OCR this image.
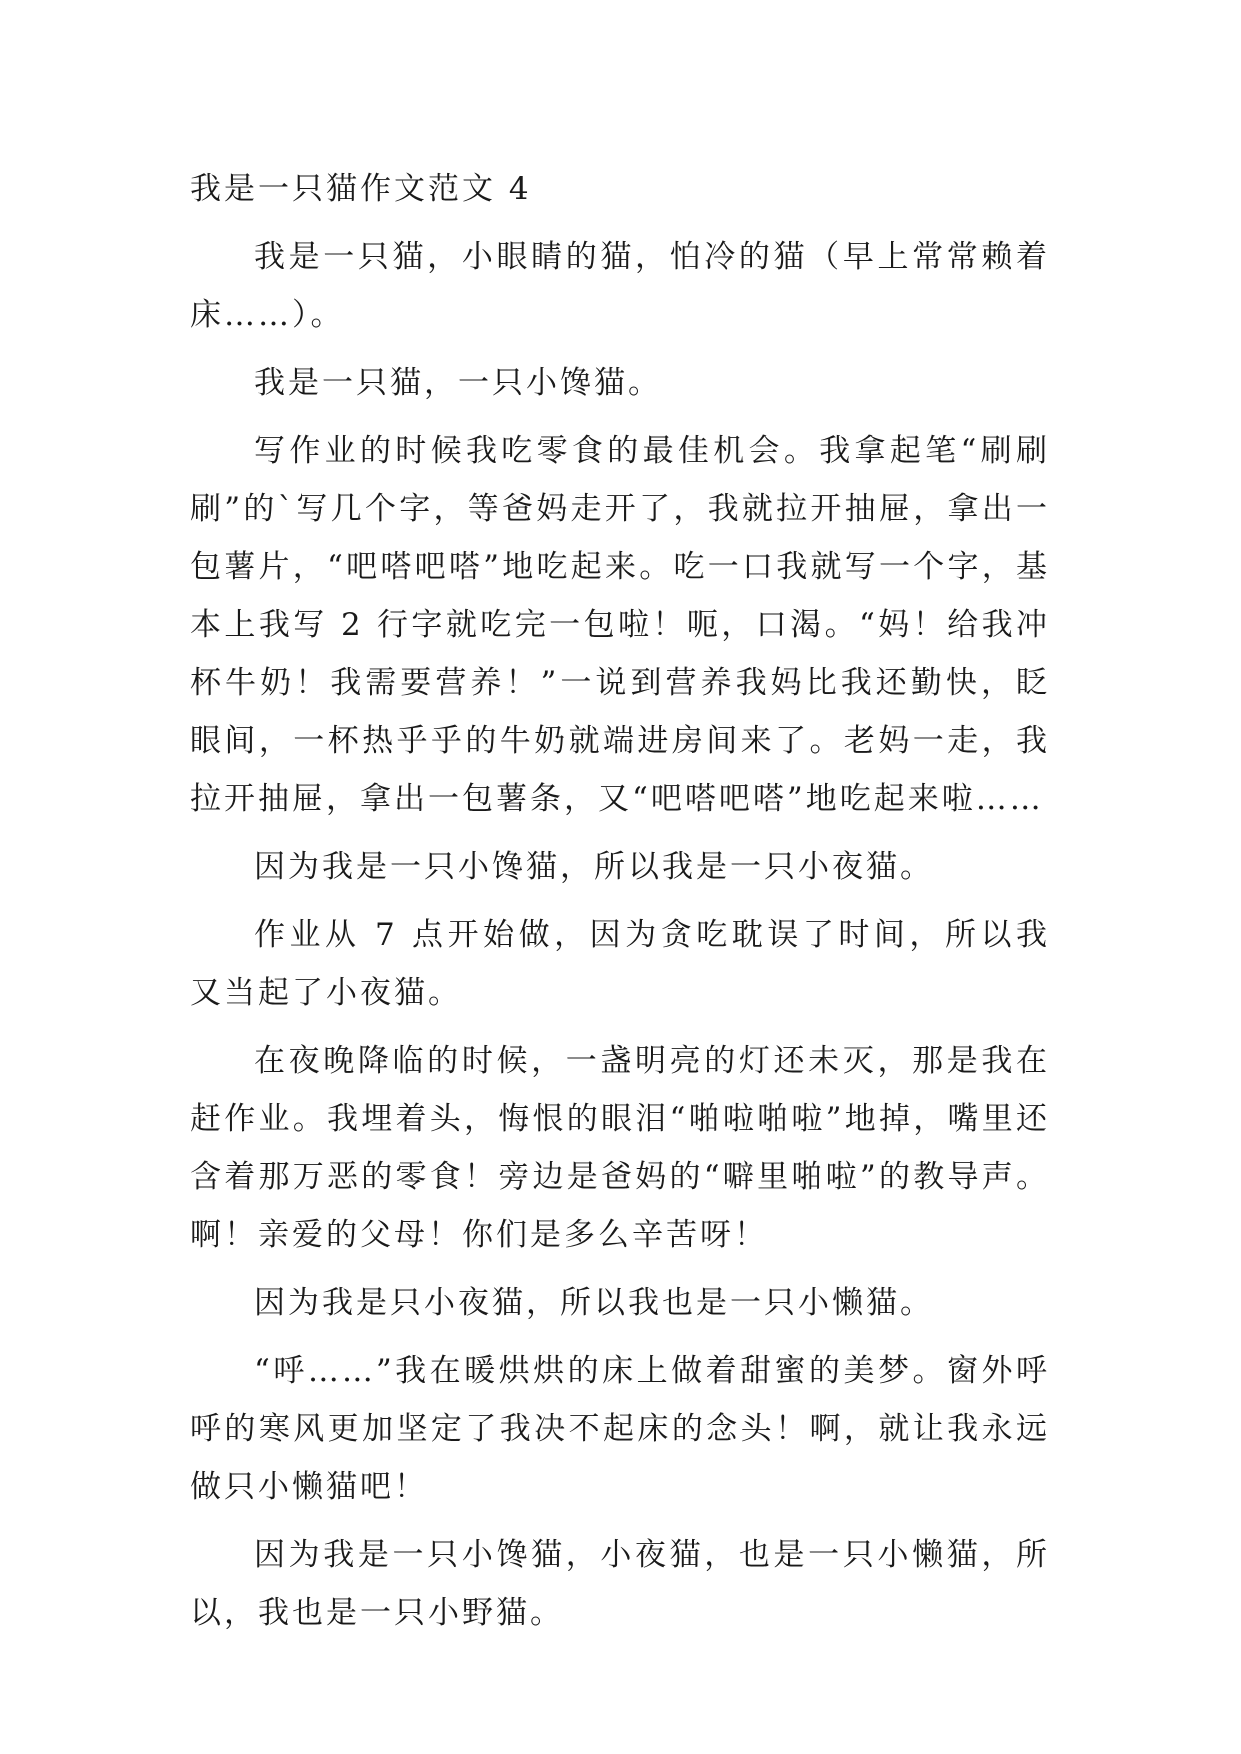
我是一只猫作文范文 4

我是一只猫，小眼睛的猫，怕冷的猫（早上常常赖着床……）。

我是一只猫，一只小馋猫。

写作业的时候我吃零食的最佳机会。我拿起笔“刷刷刷”的`写几个字，等爸妈走开了，我就拉开抽屉，拿出一包薯片，“吧嗒吧嗒”地吃起来。吃一口我就写一个字，基本上我写 2 行字就吃完一包啦！呃，口渴。“妈！给我冲杯牛奶！我需要营养！”一说到营养我妈比我还勤快，眨眼间，一杯热乎乎的牛奶就端进房间来了。老妈一走，我拉开抽屉，拿出一包薯条，又“吧嗒吧嗒”地吃起来啦……

因为我是一只小馋猫，所以我是一只小夜猫。

作业从 7 点开始做，因为贪吃耽误了时间，所以我又当起了小夜猫。

在夜晚降临的时候，一盏明亮的灯还未灭，那是我在赶作业。我埋着头，悔恨的眼泪“啪啦啪啦”地掉，嘴里还含着那万恶的零食！旁边是爸妈的“噼里啪啦”的教导声。啊！亲爱的父母！你们是多么辛苦呀！

因为我是只小夜猫，所以我也是一只小懒猫。

“呼……”我在暖烘烘的床上做着甜蜜的美梦。窗外呼呼的寒风更加坚定了我决不起床的念头！啊，就让我永远做只小懒猫吧！

因为我是一只小馋猫，小夜猫，也是一只小懒猫，所以，我也是一只小野猫。
